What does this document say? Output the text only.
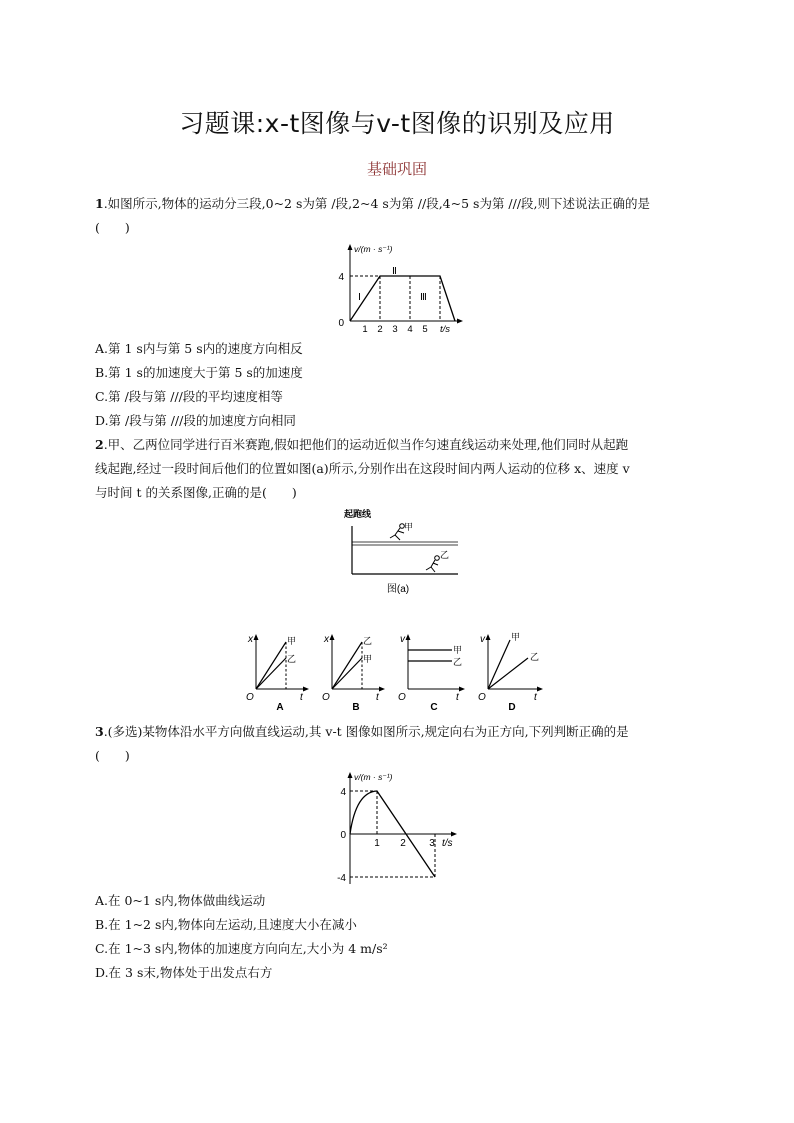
习题课:x-t图像与v-t图像的识别及应用
基础巩固
1.如图所示,物体的运动分三段,0~2 s为第 /段,2~4 s为第 //段,4~5 s为第 ///段,则下述说法正确的是
(　　)
v/(m · s⁻¹)
4
0
1 2 3 4 5 t/s
Ⅰ
Ⅱ
Ⅲ
A.第 1 s内与第 5 s内的速度方向相反
B.第 1 s的加速度大于第 5 s的加速度
C.第 /段与第 ///段的平均速度相等
D.第 /段与第 ///段的加速度方向相同
2.甲、乙两位同学进行百米赛跑,假如把他们的运动近似当作匀速直线运动来处理,他们同时从起跑
线起跑,经过一段时间后他们的位置如图(a)所示,分别作出在这段时间内两人运动的位移 x、速度 v
与时间 t 的关系图像,正确的是(　　)
起跑线
甲
乙
图(a)
x
t
O
甲
乙
A
x
t
O
乙
甲
B
v
t
O
甲
乙
C
v
t
O
甲
乙
D
3.(多选)某物体沿水平方向做直线运动,其 v-t 图像如图所示,规定向右为正方向,下列判断正确的是
(　　)
v/(m · s⁻¹)
4
0
-4
1 2 3 t/s
A.在 0~1 s内,物体做曲线运动
B.在 1~2 s内,物体向左运动,且速度大小在减小
C.在 1~3 s内,物体的加速度方向向左,大小为 4 m/s²
D.在 3 s末,物体处于出发点右方
